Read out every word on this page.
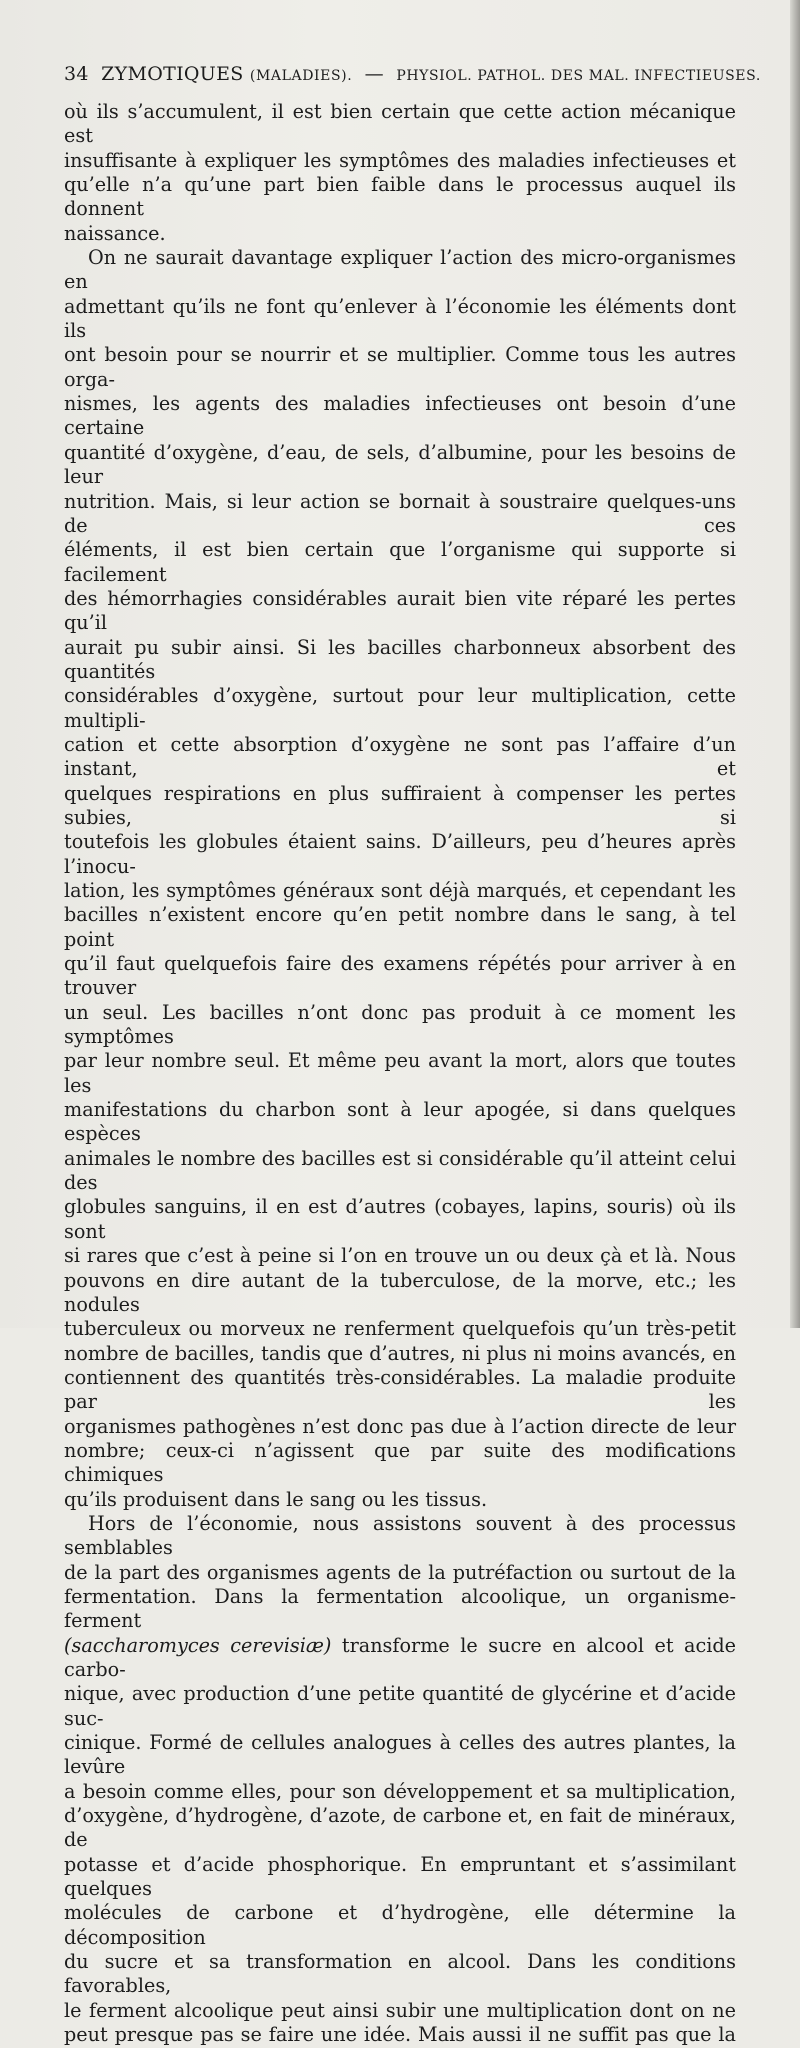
34 ZYMOTIQUES (MALADIES). — PHYSIOL. PATHOL. DES MAL. INFECTIEUSES.

où ils s’accumulent, il est bien certain que cette action mécanique est

insuffisante à expliquer les symptômes des maladies infectieuses et

qu’elle n’a qu’une part bien faible dans le processus auquel ils donnent

naissance.

On ne saurait davantage expliquer l’action des micro-organismes en

admettant qu’ils ne font qu’enlever à l’économie les éléments dont ils

ont besoin pour se nourrir et se multiplier. Comme tous les autres orga-

nismes, les agents des maladies infectieuses ont besoin d’une certaine

quantité d’oxygène, d’eau, de sels, d’albumine, pour les besoins de leur

nutrition. Mais, si leur action se bornait à soustraire quelques-uns de ces

éléments, il est bien certain que l’organisme qui supporte si facilement

des hémorrhagies considérables aurait bien vite réparé les pertes qu’il

aurait pu subir ainsi. Si les bacilles charbonneux absorbent des quantités

considérables d’oxygène, surtout pour leur multiplication, cette multipli-

cation et cette absorption d’oxygène ne sont pas l’affaire d’un instant, et

quelques respirations en plus suffiraient à compenser les pertes subies, si

toutefois les globules étaient sains. D’ailleurs, peu d’heures après l’inocu-

lation, les symptômes généraux sont déjà marqués, et cependant les

bacilles n’existent encore qu’en petit nombre dans le sang, à tel point

qu’il faut quelquefois faire des examens répétés pour arriver à en trouver

un seul. Les bacilles n’ont donc pas produit à ce moment les symptômes

par leur nombre seul. Et même peu avant la mort, alors que toutes les

manifestations du charbon sont à leur apogée, si dans quelques espèces

animales le nombre des bacilles est si considérable qu’il atteint celui des

globules sanguins, il en est d’autres (cobayes, lapins, souris) où ils sont

si rares que c’est à peine si l’on en trouve un ou deux çà et là. Nous

pouvons en dire autant de la tuberculose, de la morve, etc.; les nodules

tuberculeux ou morveux ne renferment quelquefois qu’un très-petit

nombre de bacilles, tandis que d’autres, ni plus ni moins avancés, en

contiennent des quantités très-considérables. La maladie produite par les

organismes pathogènes n’est donc pas due à l’action directe de leur

nombre; ceux-ci n’agissent que par suite des modifications chimiques

qu’ils produisent dans le sang ou les tissus.

Hors de l’économie, nous assistons souvent à des processus semblables

de la part des organismes agents de la putréfaction ou surtout de la

fermentation. Dans la fermentation alcoolique, un organisme-ferment

(saccharomyces cerevisiæ) transforme le sucre en alcool et acide carbo-

nique, avec production d’une petite quantité de glycérine et d’acide suc-

cinique. Formé de cellules analogues à celles des autres plantes, la levûre

a besoin comme elles, pour son développement et sa multiplication,

d’oxygène, d’hydrogène, d’azote, de carbone et, en fait de minéraux, de

potasse et d’acide phosphorique. En empruntant et s’assimilant quelques

molécules de carbone et d’hydrogène, elle détermine la décomposition

du sucre et sa transformation en alcool. Dans les conditions favorables,

le ferment alcoolique peut ainsi subir une multiplication dont on ne

peut presque pas se faire une idée. Mais aussi il ne suffit pas que la
